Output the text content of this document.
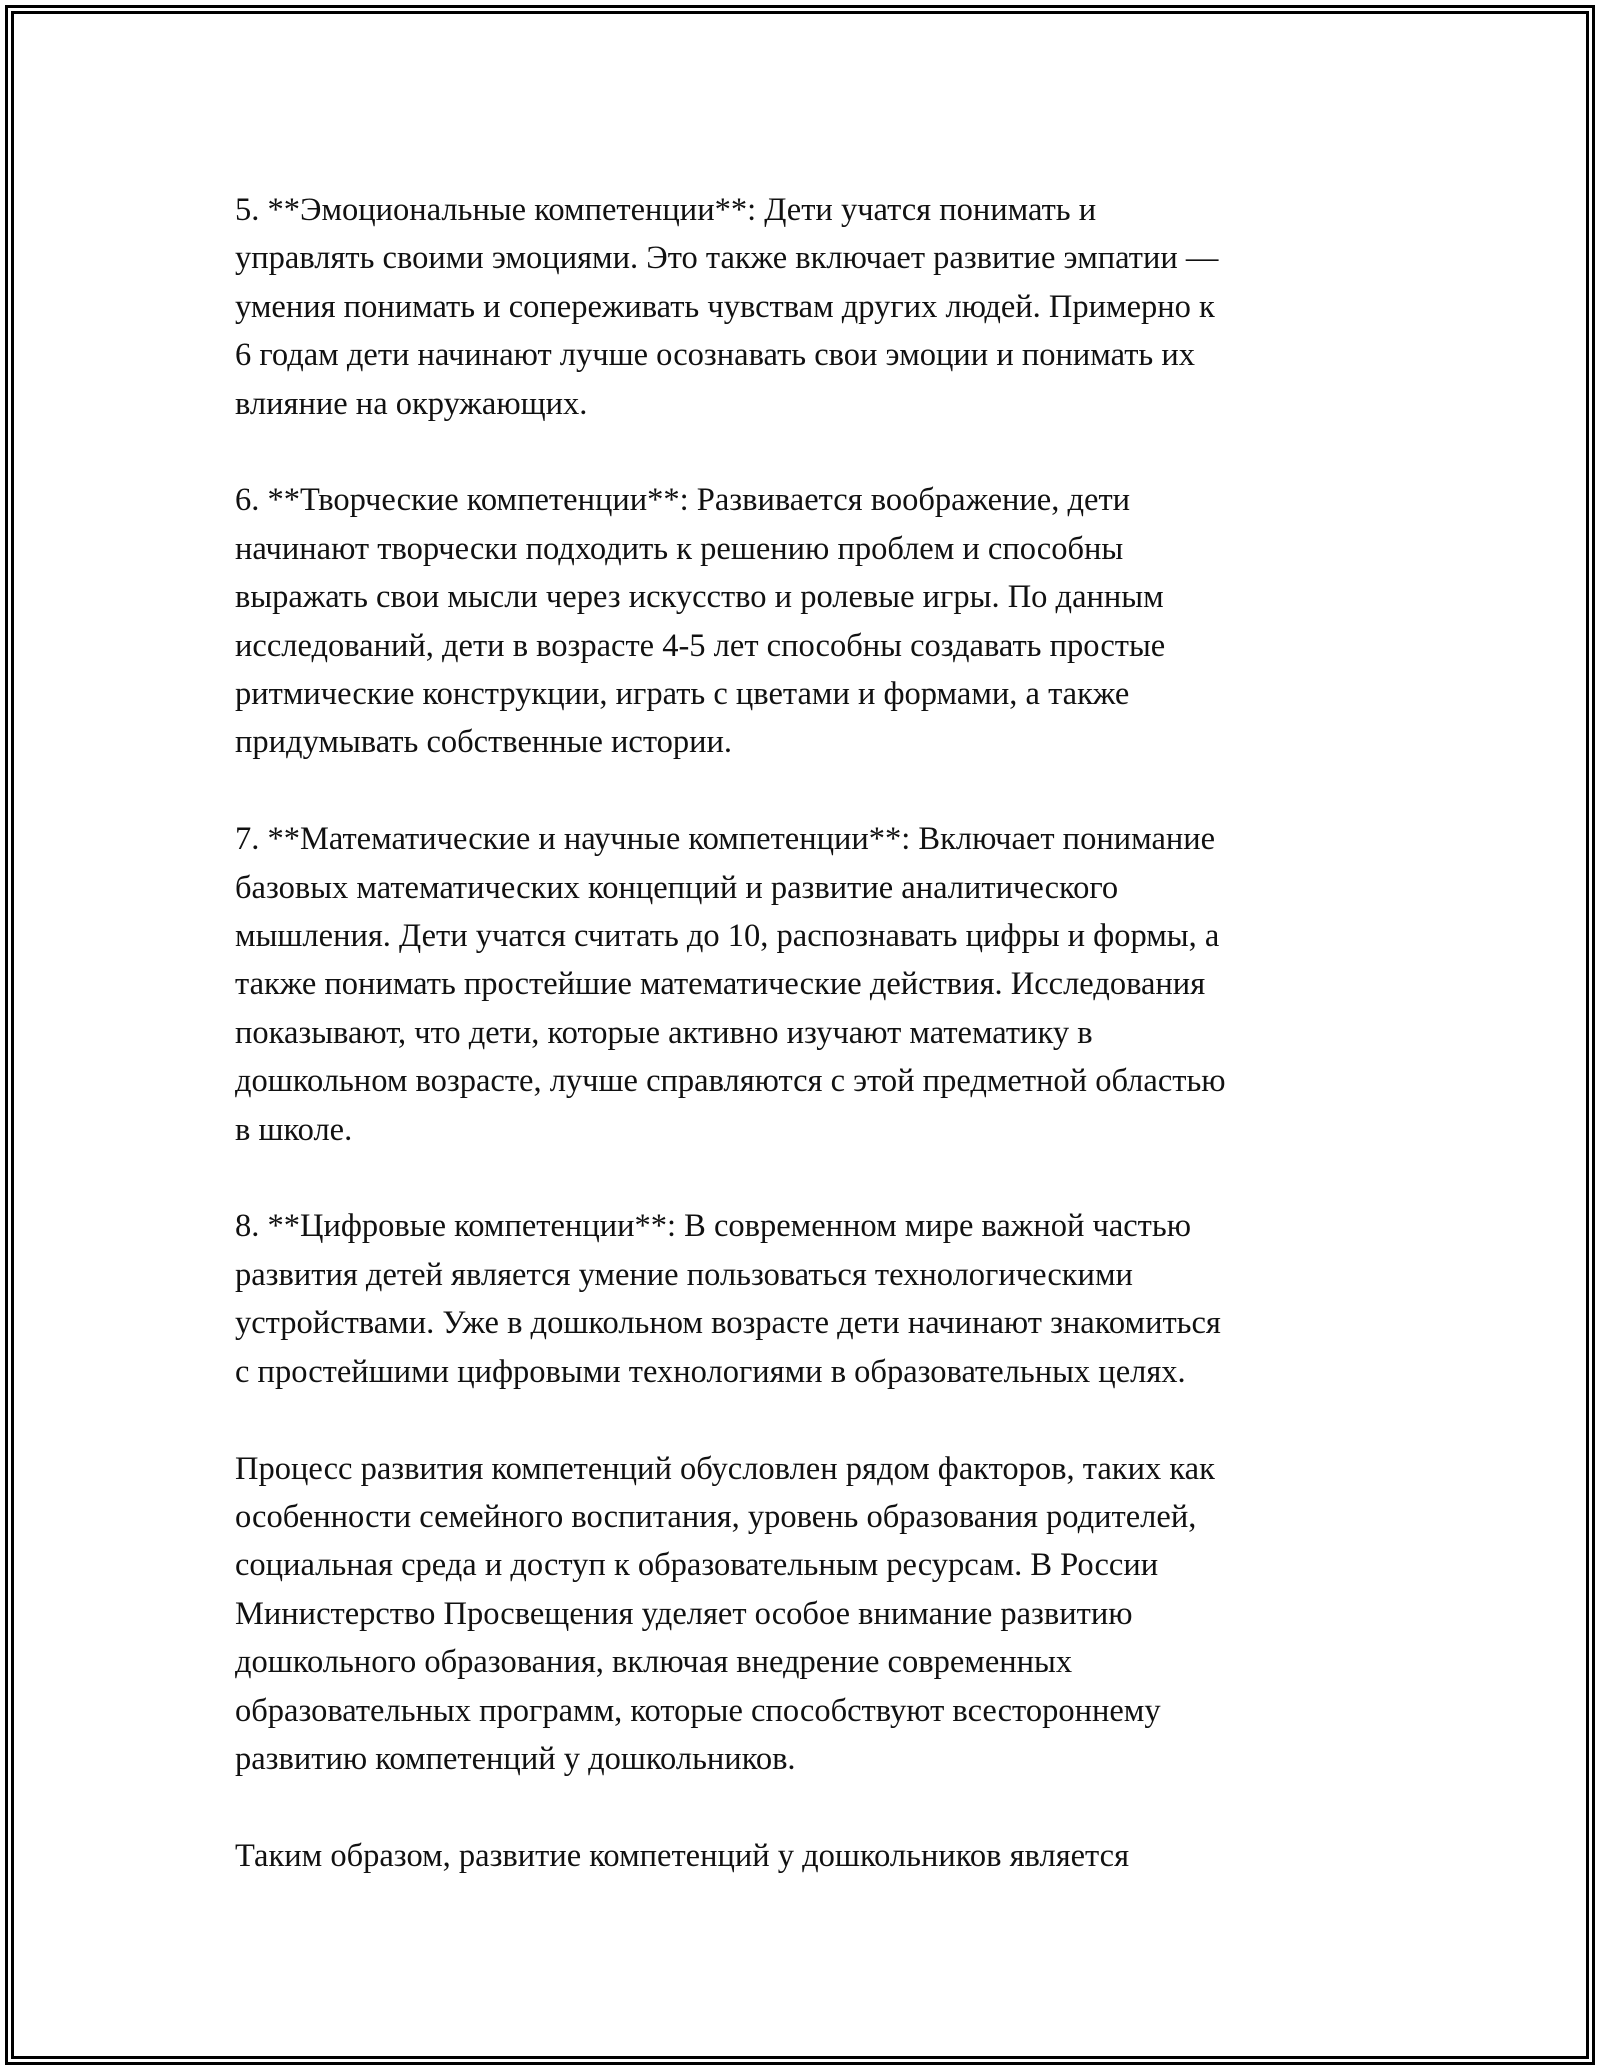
5. **Эмоциональные компетенции**: Дети учатся понимать и
управлять своими эмоциями. Это также включает развитие эмпатии —
умения понимать и сопереживать чувствам других людей. Примерно к
6 годам дети начинают лучше осознавать свои эмоции и понимать их
влияние на окружающих.

6. **Творческие компетенции**: Развивается воображение, дети
начинают творчески подходить к решению проблем и способны
выражать свои мысли через искусство и ролевые игры. По данным
исследований, дети в возрасте 4-5 лет способны создавать простые
ритмические конструкции, играть с цветами и формами, а также
придумывать собственные истории.

7. **Математические и научные компетенции**: Включает понимание
базовых математических концепций и развитие аналитического
мышления. Дети учатся считать до 10, распознавать цифры и формы, а
также понимать простейшие математические действия. Исследования
показывают, что дети, которые активно изучают математику в
дошкольном возрасте, лучше справляются с этой предметной областью
в школе.

8. **Цифровые компетенции**: В современном мире важной частью
развития детей является умение пользоваться технологическими
устройствами. Уже в дошкольном возрасте дети начинают знакомиться
с простейшими цифровыми технологиями в образовательных целях.

Процесс развития компетенций обусловлен рядом факторов, таких как
особенности семейного воспитания, уровень образования родителей,
социальная среда и доступ к образовательным ресурсам. В России
Министерство Просвещения уделяет особое внимание развитию
дошкольного образования, включая внедрение современных
образовательных программ, которые способствуют всестороннему
развитию компетенций у дошкольников.

Таким образом, развитие компетенций у дошкольников является
